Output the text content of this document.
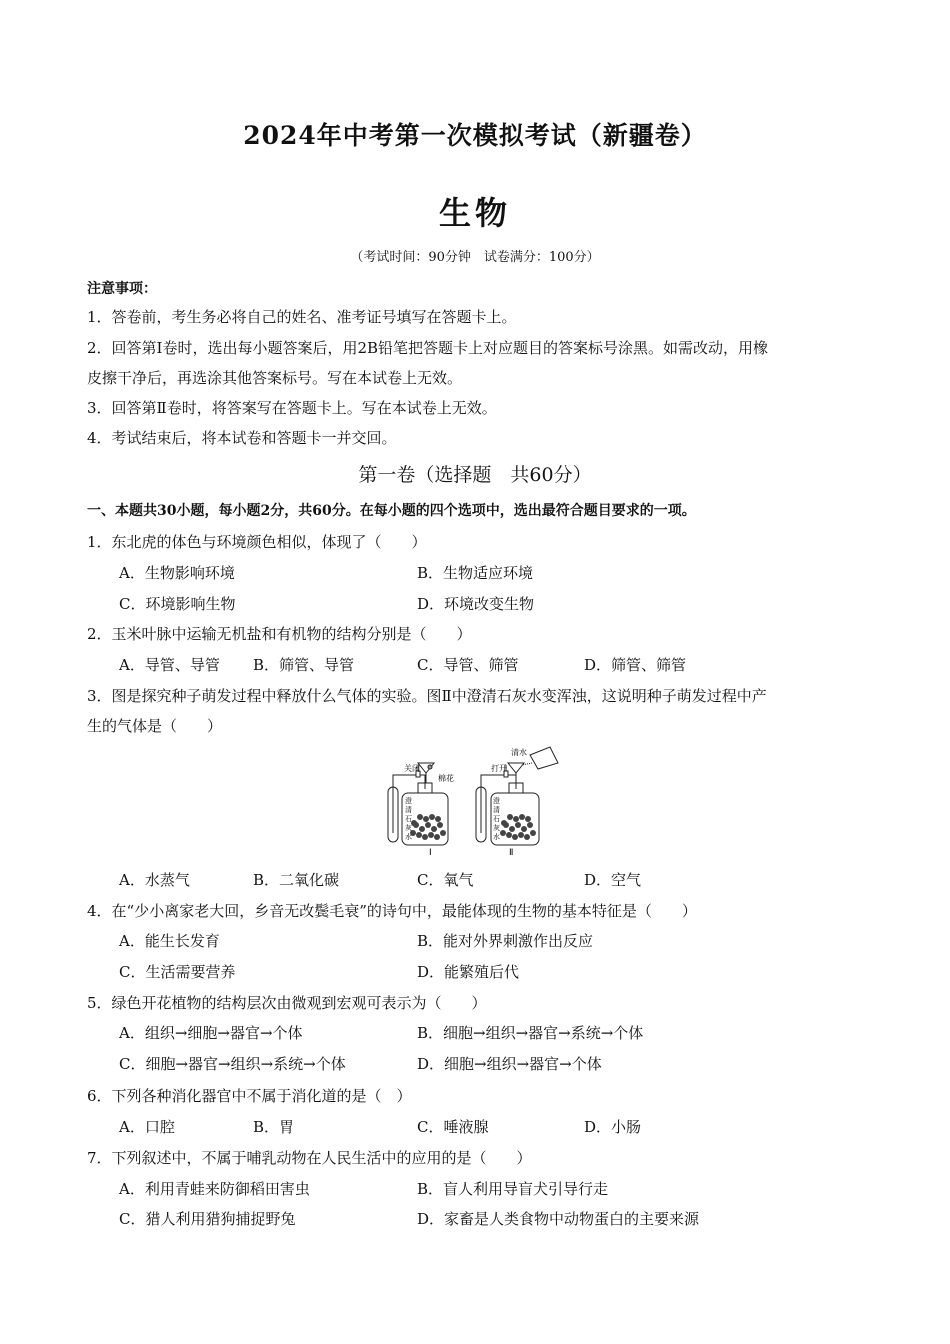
2024年中考第一次模拟考试（新疆卷）
生物
（考试时间：90分钟　试卷满分：100分）
注意事项：
1．答卷前，考生务必将自己的姓名、准考证号填写在答题卡上。
2．回答第Ⅰ卷时，选出每小题答案后，用2B铅笔把答题卡上对应题目的答案标号涂黑。如需改动，用橡
皮擦干净后，再选涂其他答案标号。写在本试卷上无效。
3．回答第Ⅱ卷时，将答案写在答题卡上。写在本试卷上无效。
4．考试结束后，将本试卷和答题卡一并交回。
第一卷（选择题　共60分）
一、本题共30小题，每小题2分，共60分。在每小题的四个选项中，选出最符合题目要求的一项。
1．东北虎的体色与环境颜色相似，体现了（　　）
A．生物影响环境	B．生物适应环境
C．环境影响生物	D．环境改变生物
2．玉米叶脉中运输无机盐和有机物的结构分别是（　　）
A．导管、导管 B．筛管、导管	C．导管、筛管	D．筛管、筛管
3．图是探究种子萌发过程中释放什么气体的实验。图Ⅱ中澄清石灰水变浑浊，这说明种子萌发过程中产
生的气体是（　　）
关闭
棉花
澄
清
石
灰
水
Ⅰ
清水
打开
澄
清
石
灰
水
Ⅱ
A．水蒸气	B．二氧化碳	C．氧气	D．空气
4．在“少小离家老大回，乡音无改鬓毛衰”的诗句中，最能体现的生物的基本特征是（　　）
A．能生长发育	B．能对外界刺激作出反应
C．生活需要营养	D．能繁殖后代
5．绿色开花植物的结构层次由微观到宏观可表示为（　　）
A．组织→细胞→器官→个体	B．细胞→组织→器官→系统→个体
C．细胞→器官→组织→系统→个体	D．细胞→组织→器官→个体
6．下列各种消化器官中不属于消化道的是（　）
A．口腔	B．胃	C．唾液腺	D．小肠
7．下列叙述中，不属于哺乳动物在人民生活中的应用的是（　　）
A．利用青蛙来防御稻田害虫	B．盲人利用导盲犬引导行走
C．猎人利用猎狗捕捉野兔	D．家畜是人类食物中动物蛋白的主要来源
